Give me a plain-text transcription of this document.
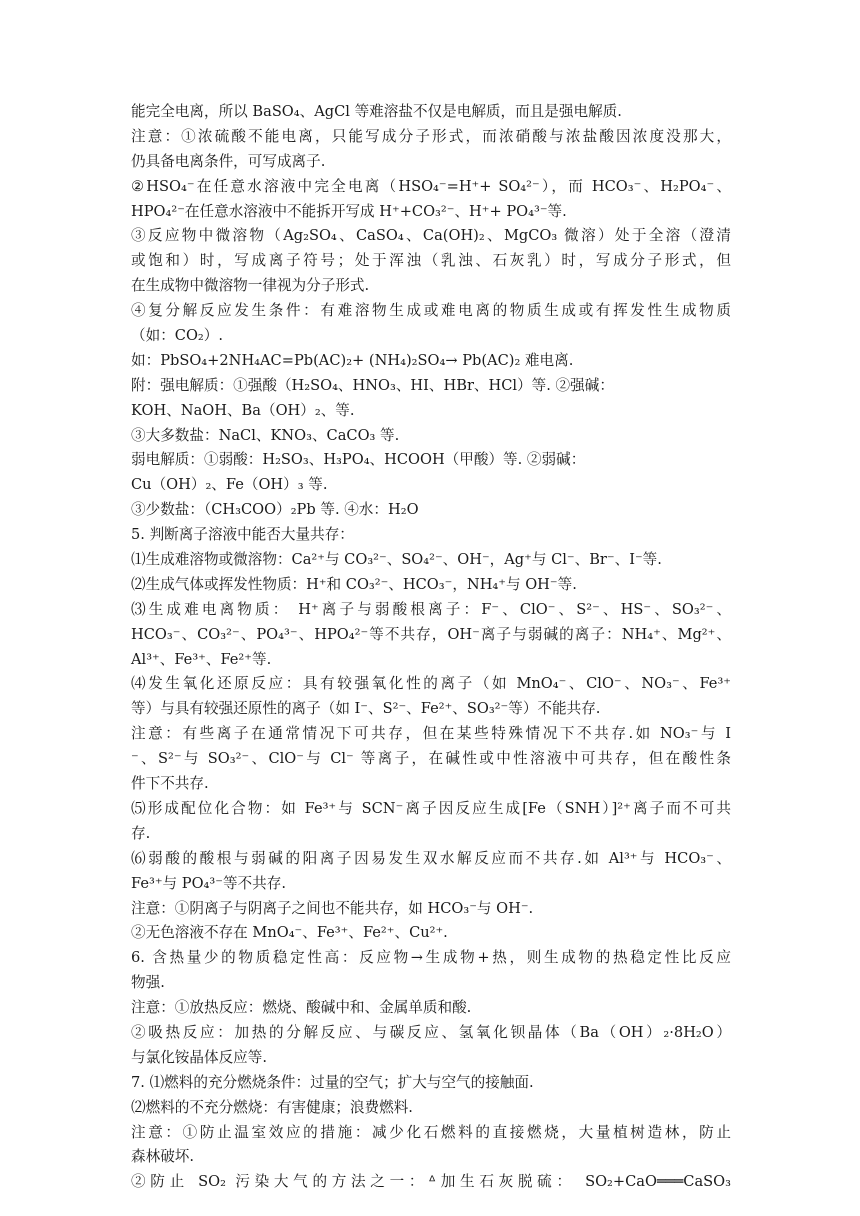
能完全电离，所以 BaSO₄、AgCl 等难溶盐不仅是电解质，而且是强电解质.
注意：①浓硫酸不能电离，只能写成分子形式，而浓硝酸与浓盐酸因浓度没那大，
仍具备电离条件，可写成离子.
②HSO₄⁻在任意水溶液中完全电离（HSO₄⁻=H⁺+ SO₄²⁻），而 HCO₃⁻、H₂PO₄⁻、
HPO₄²⁻在任意水溶液中不能拆开写成 H⁺+CO₃²⁻、H⁺+ PO₄³⁻等.
③反应物中微溶物（Ag₂SO₄、CaSO₄、Ca(OH)₂、MgCO₃ 微溶）处于全溶（澄清
或饱和）时，写成离子符号；处于浑浊（乳浊、石灰乳）时，写成分子形式，但
在生成物中微溶物一律视为分子形式.
④复分解反应发生条件：有难溶物生成或难电离的物质生成或有挥发性生成物质
（如：CO₂）.
如：PbSO₄+2NH₄AC=Pb(AC)₂+ (NH₄)₂SO₄→ Pb(AC)₂ 难电离.
附：强电解质：①强酸（H₂SO₄、HNO₃、HI、HBr、HCl）等. ②强碱：
KOH、NaOH、Ba（OH）₂、等.
③大多数盐：NaCl、KNO₃、CaCO₃ 等.
弱电解质：①弱酸：H₂SO₃、H₃PO₄、HCOOH（甲酸）等. ②弱碱：
Cu（OH）₂、Fe（OH）₃ 等.
③少数盐：（CH₃COO）₂Pb 等. ④水：H₂O
5. 判断离子溶液中能否大量共存：
⑴生成难溶物或微溶物：Ca²⁺与 CO₃²⁻、SO₄²⁻、OH⁻，Ag⁺与 Cl⁻、Br⁻、I⁻等.
⑵生成气体或挥发性物质：H⁺和 CO₃²⁻、HCO₃⁻，NH₄⁺与 OH⁻等.
⑶生成难电离物质： H⁺离子与弱酸根离子：F⁻、ClO⁻、S²⁻、HS⁻、SO₃²⁻、
HCO₃⁻、CO₃²⁻、PO₄³⁻、HPO₄²⁻等不共存，OH⁻离子与弱碱的离子：NH₄⁺、Mg²⁺、
Al³⁺、Fe³⁺、Fe²⁺等.
⑷发生氧化还原反应：具有较强氧化性的离子（如 MnO₄⁻、ClO⁻、NO₃⁻、Fe³⁺
等）与具有较强还原性的离子（如 I⁻、S²⁻、Fe²⁺、SO₃²⁻等）不能共存.
注意：有些离子在通常情况下可共存，但在某些特殊情况下不共存.如 NO₃⁻与 I
⁻、S²⁻与 SO₃²⁻、ClO⁻与 Cl⁻ 等离子，在碱性或中性溶液中可共存，但在酸性条
件下不共存.
⑸形成配位化合物：如 Fe³⁺与 SCN⁻离子因反应生成[Fe（SNH）]²⁺离子而不可共
存.
⑹弱酸的酸根与弱碱的阳离子因易发生双水解反应而不共存.如 Al³⁺与 HCO₃⁻、
Fe³⁺与 PO₄³⁻等不共存.
注意：①阴离子与阴离子之间也不能共存，如 HCO₃⁻与 OH⁻.
②无色溶液不存在 MnO₄⁻、Fe³⁺、Fe²⁺、Cu²⁺.
6. 含热量少的物质稳定性高：反应物→生成物+热，则生成物的热稳定性比反应
物强.
注意：①放热反应：燃烧、酸碱中和、金属单质和酸.
②吸热反应：加热的分解反应、与碳反应、氢氧化钡晶体（Ba（OH）₂·8H₂O）
与氯化铵晶体反应等.
7. ⑴燃料的充分燃烧条件：过量的空气；扩大与空气的接触面.
⑵燃料的不充分燃烧：有害健康；浪费燃料.
注意：①防止温室效应的措施：减少化石燃料的直接燃烧，大量植树造林，防止
森林破坏.
②防止 SO₂ 污染大气的方法之一：ᐞ加生石灰脱硫： SO₂+CaO═══CaSO₃
